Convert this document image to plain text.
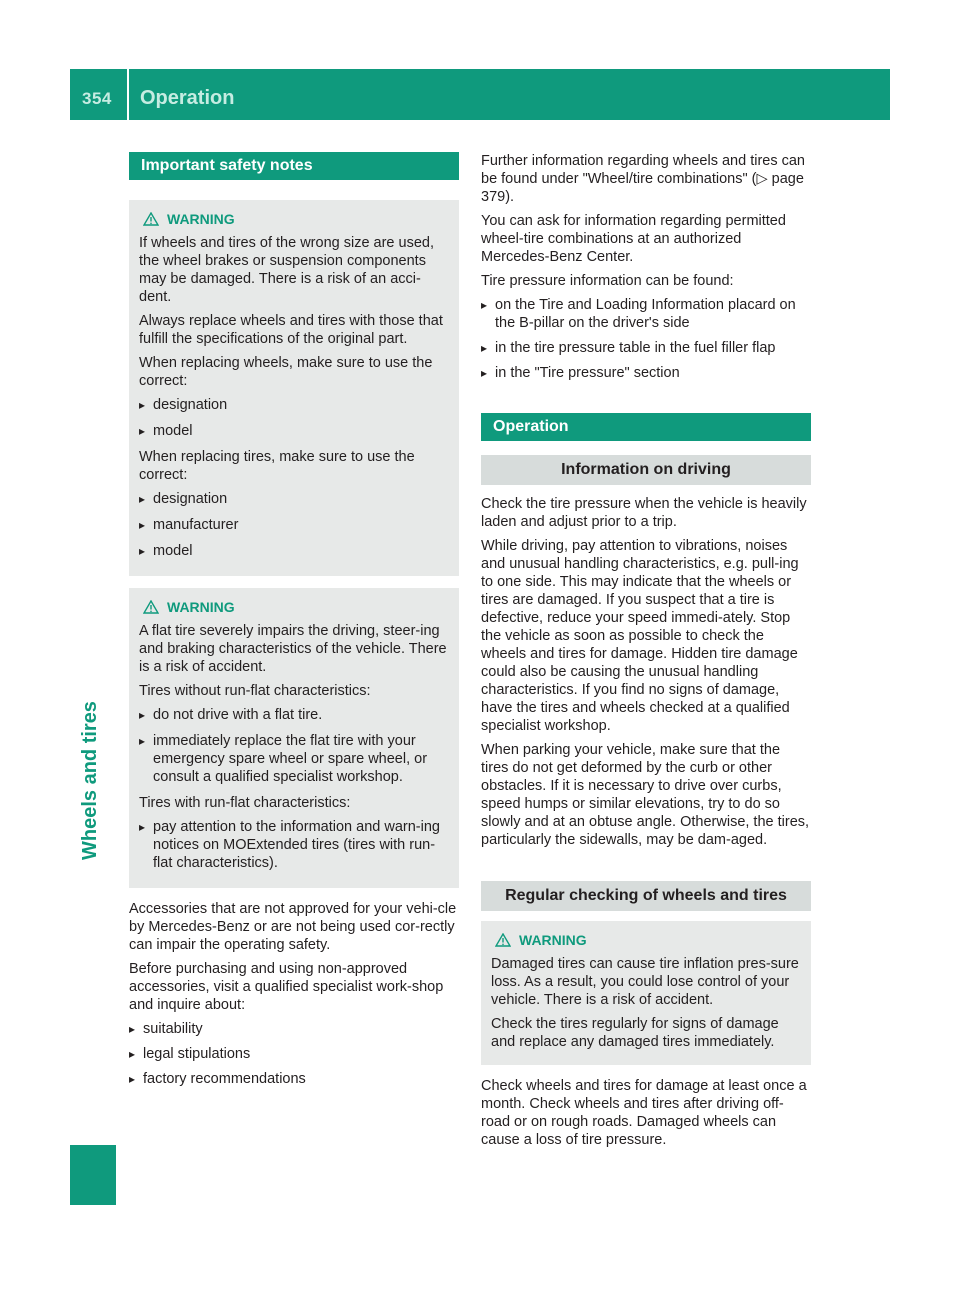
354 Operation
Wheels and tires
Important safety notes
WARNING

If wheels and tires of the wrong size are used, the wheel brakes or suspension components may be damaged. There is a risk of an acci-dent.

Always replace wheels and tires with those that fulfill the specifications of the original part.

When replacing wheels, make sure to use the correct:

▸ designation
▸ model

When replacing tires, make sure to use the correct:

▸ designation
▸ manufacturer
▸ model
WARNING

A flat tire severely impairs the driving, steer-ing and braking characteristics of the vehicle. There is a risk of accident.

Tires without run-flat characteristics:

▸ do not drive with a flat tire.
▸ immediately replace the flat tire with your emergency spare wheel or spare wheel, or consult a qualified specialist workshop.

Tires with run-flat characteristics:

▸ pay attention to the information and warn-ing notices on MOExtended tires (tires with run-flat characteristics).

Accessories that are not approved for your vehi-cle by Mercedes-Benz or are not being used cor-rectly can impair the operating safety.

Before purchasing and using non-approved accessories, visit a qualified specialist work-shop and inquire about:

▸ suitability
▸ legal stipulations
▸ factory recommendations

Further information regarding wheels and tires can be found under "Wheel/tire combinations" (▷ page 379).

You can ask for information regarding permitted wheel-tire combinations at an authorized Mercedes-Benz Center.

Tire pressure information can be found:

▸ on the Tire and Loading Information placard on the B-pillar on the driver's side
▸ in the tire pressure table in the fuel filler flap
▸ in the "Tire pressure" section
Operation
Information on driving

Check the tire pressure when the vehicle is heavily laden and adjust prior to a trip.

While driving, pay attention to vibrations, noises and unusual handling characteristics, e.g. pull-ing to one side. This may indicate that the wheels or tires are damaged. If you suspect that a tire is defective, reduce your speed immedi-ately. Stop the vehicle as soon as possible to check the wheels and tires for damage. Hidden tire damage could also be causing the unusual handling characteristics. If you find no signs of damage, have the tires and wheels checked at a qualified specialist workshop.

When parking your vehicle, make sure that the tires do not get deformed by the curb or other obstacles. If it is necessary to drive over curbs, speed humps or similar elevations, try to do so slowly and at an obtuse angle. Otherwise, the tires, particularly the sidewalls, may be dam-aged.

Regular checking of wheels and tires
WARNING

Damaged tires can cause tire inflation pres-sure loss. As a result, you could lose control of your vehicle. There is a risk of accident.

Check the tires regularly for signs of damage and replace any damaged tires immediately.

Check wheels and tires for damage at least once a month. Check wheels and tires after driving off-road or on rough roads. Damaged wheels can cause a loss of tire pressure.
